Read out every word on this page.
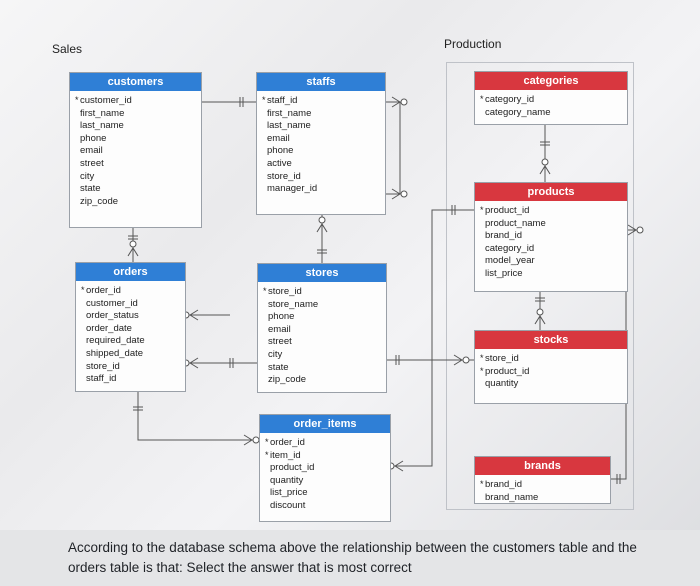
Sales	Production
customers
* customer_id
first_name
last_name
phone
email
street
city
state
zip_code
staffs
* staff_id
first_name
last_name
email
phone
active
store_id
manager_id
orders
* order_id
customer_id
order_status
order_date
required_date
shipped_date
store_id
staff_id
stores
* store_id
store_name
phone
email
street
city
state
zip_code
order_items
* order_id
* item_id
product_id
quantity
list_price
discount
categories
* category_id
category_name
products
* product_id
product_name
brand_id
category_id
model_year
list_price
stocks
* store_id
* product_id
quantity
brands
* brand_id
brand_name
According to the database schema above the relationship between the customers table and the
orders table is that: Select the answer that is most correct
